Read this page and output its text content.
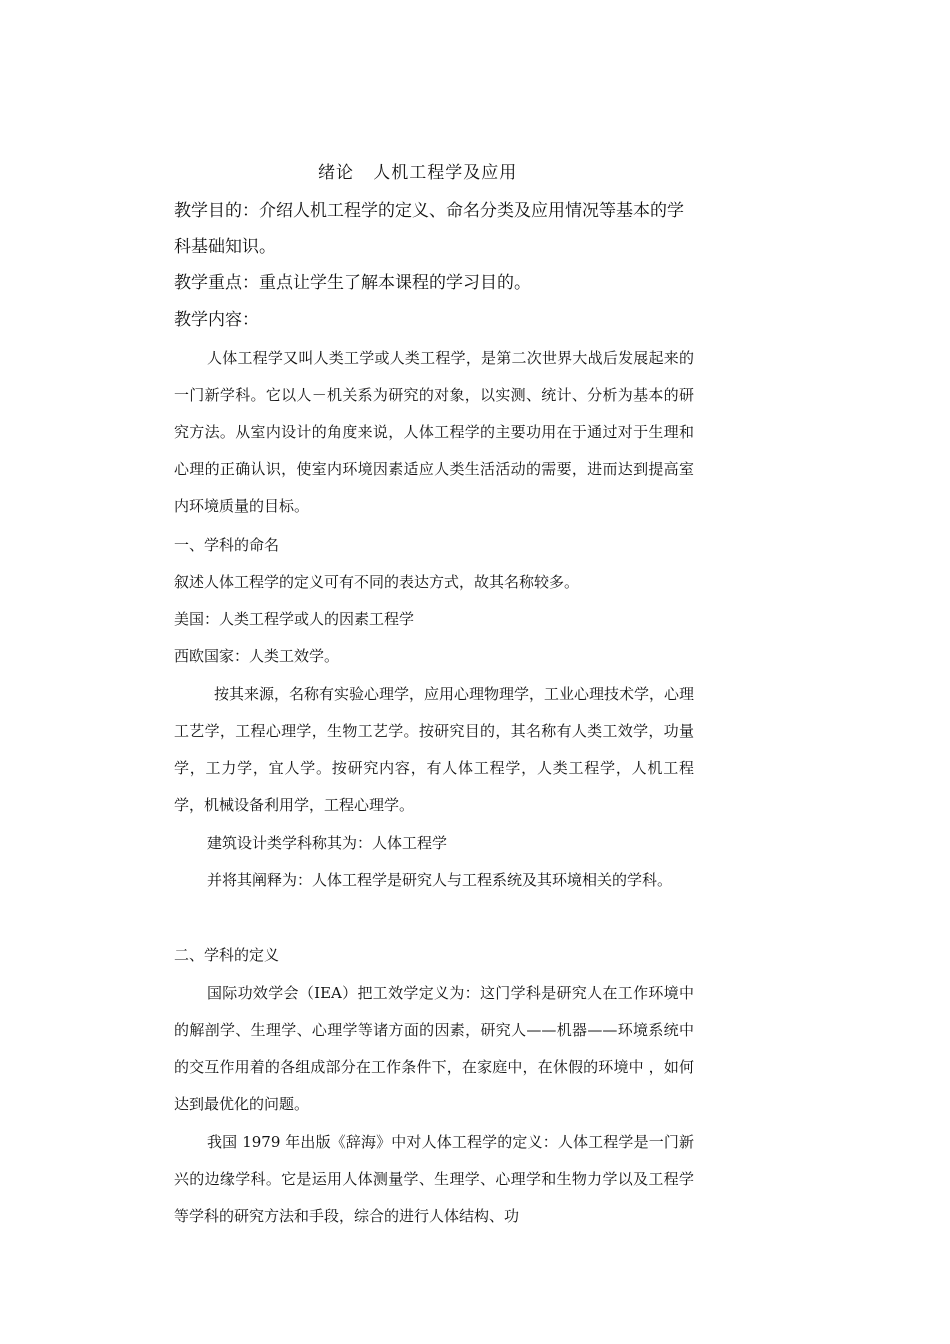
绪论   人机工程学及应用
教学目的：介绍人机工程学的定义、命名分类及应用情况等基本的学科基础知识。
教学重点：重点让学生了解本课程的学习目的。
教学内容：
人体工程学又叫人类工学或人类工程学，是第二次世界大战后发展起来的一门新学科。它以人－机关系为研究的对象，以实测、统计、分析为基本的研究方法。从室内设计的角度来说，人体工程学的主要功用在于通过对于生理和心理的正确认识，使室内环境因素适应人类生活活动的需要，进而达到提高室内环境质量的目标。
一、学科的命名
叙述人体工程学的定义可有不同的表达方式，故其名称较多。
美国：人类工程学或人的因素工程学
西欧国家：人类工效学。
按其来源，名称有实验心理学，应用心理物理学，工业心理技术学，心理工艺学，工程心理学，生物工艺学。按研究目的，其名称有人类工效学，功量学，工力学，宜人学。按研究内容，有人体工程学，人类工程学，人机工程学，机械设备利用学，工程心理学。
建筑设计类学科称其为：人体工程学
并将其阐释为：人体工程学是研究人与工程系统及其环境相关的学科。
二、学科的定义
国际功效学会（IEA）把工效学定义为：这门学科是研究人在工作环境中的解剖学、生理学、心理学等诸方面的因素，研究人——机器——环境系统中的交互作用着的各组成部分在工作条件下，在家庭中，在休假的环境中 ，如何达到最优化的问题。
我国 1979 年出版《辞海》中对人体工程学的定义：人体工程学是一门新兴的边缘学科。它是运用人体测量学、生理学、心理学和生物力学以及工程学等学科的研究方法和手段，综合的进行人体结构、功
